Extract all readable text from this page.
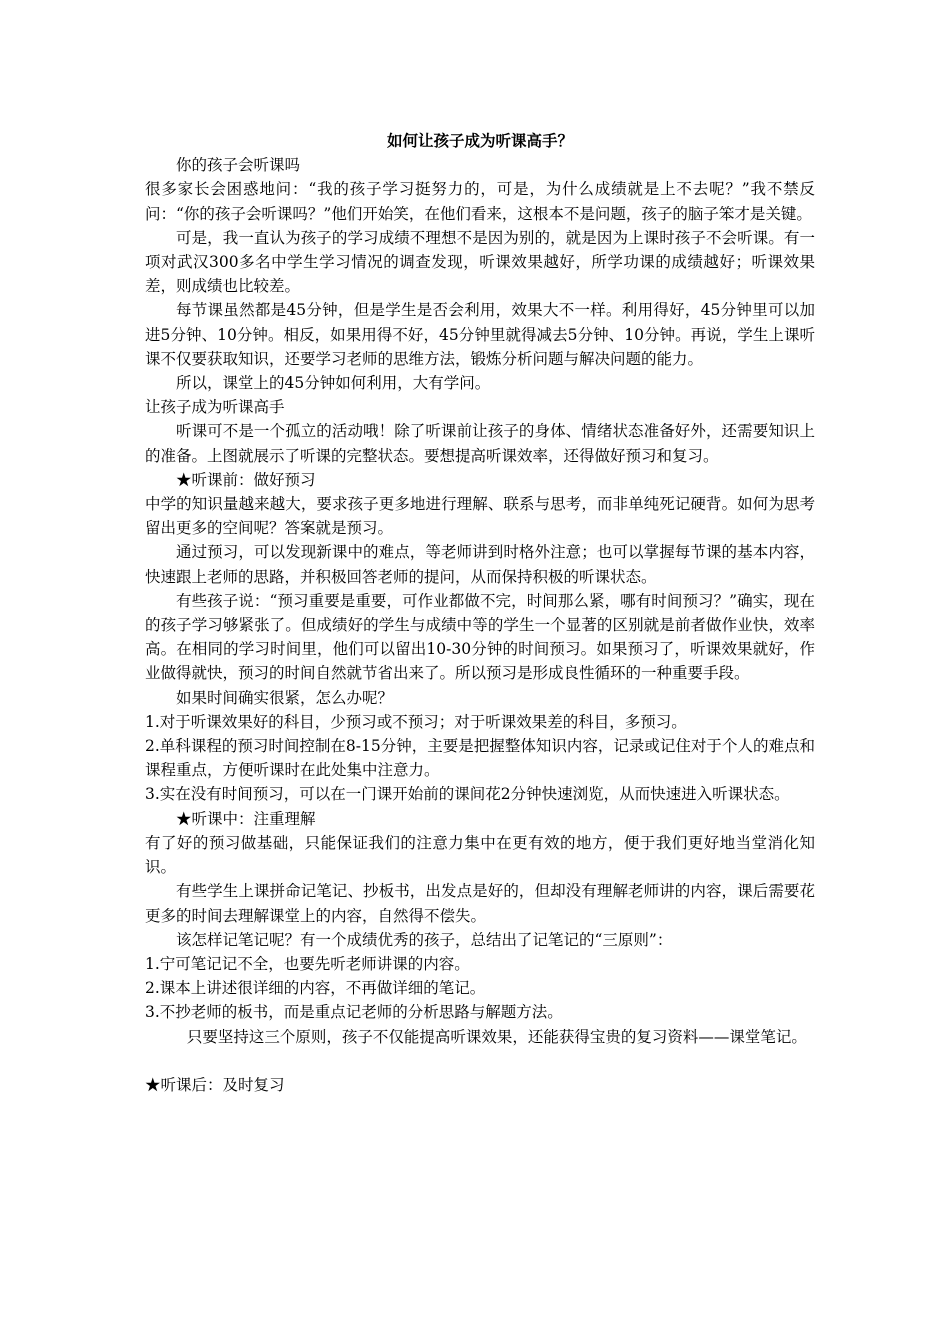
如何让孩子成为听课高手？

你的孩子会听课吗

很多家长会困惑地问：“我的孩子学习挺努力的，可是，为什么成绩就是上不去呢？”我不禁反问：“你的孩子会听课吗？”他们开始笑，在他们看来，这根本不是问题，孩子的脑子笨才是关键。

可是，我一直认为孩子的学习成绩不理想不是因为别的，就是因为上课时孩子不会听课。有一项对武汉300多名中学生学习情况的调查发现，听课效果越好，所学功课的成绩越好；听课效果差，则成绩也比较差。

每节课虽然都是45分钟，但是学生是否会利用，效果大不一样。利用得好，45分钟里可以加进5分钟、10分钟。相反，如果用得不好，45分钟里就得减去5分钟、10分钟。再说，学生上课听课不仅要获取知识，还要学习老师的思维方法，锻炼分析问题与解决问题的能力。

所以，课堂上的45分钟如何利用，大有学问。

让孩子成为听课高手

听课可不是一个孤立的活动哦！除了听课前让孩子的身体、情绪状态准备好外，还需要知识上的准备。上图就展示了听课的完整状态。要想提高听课效率，还得做好预习和复习。

★听课前：做好预习

中学的知识量越来越大，要求孩子更多地进行理解、联系与思考，而非单纯死记硬背。如何为思考留出更多的空间呢？答案就是预习。

通过预习，可以发现新课中的难点，等老师讲到时格外注意；也可以掌握每节课的基本内容，快速跟上老师的思路，并积极回答老师的提问，从而保持积极的听课状态。

有些孩子说：“预习重要是重要，可作业都做不完，时间那么紧，哪有时间预习？”确实，现在的孩子学习够紧张了。但成绩好的学生与成绩中等的学生一个显著的区别就是前者做作业快，效率高。在相同的学习时间里，他们可以留出10-30分钟的时间预习。如果预习了，听课效果就好，作业做得就快，预习的时间自然就节省出来了。所以预习是形成良性循环的一种重要手段。

如果时间确实很紧，怎么办呢？

1.对于听课效果好的科目，少预习或不预习；对于听课效果差的科目，多预习。

2.单科课程的预习时间控制在8-15分钟，主要是把握整体知识内容，记录或记住对于个人的难点和课程重点，方便听课时在此处集中注意力。

3.实在没有时间预习，可以在一门课开始前的课间花2分钟快速浏览，从而快速进入听课状态。

★听课中：注重理解

有了好的预习做基础，只能保证我们的注意力集中在更有效的地方，便于我们更好地当堂消化知识。

有些学生上课拼命记笔记、抄板书，出发点是好的，但却没有理解老师讲的内容，课后需要花更多的时间去理解课堂上的内容，自然得不偿失。

该怎样记笔记呢？有一个成绩优秀的孩子，总结出了记笔记的“三原则”：

1.宁可笔记记不全，也要先听老师讲课的内容。

2.课本上讲述很详细的内容，不再做详细的笔记。

3.不抄老师的板书，而是重点记老师的分析思路与解题方法。

只要坚持这三个原则，孩子不仅能提高听课效果，还能获得宝贵的复习资料——课堂笔记。

★听课后：及时复习
